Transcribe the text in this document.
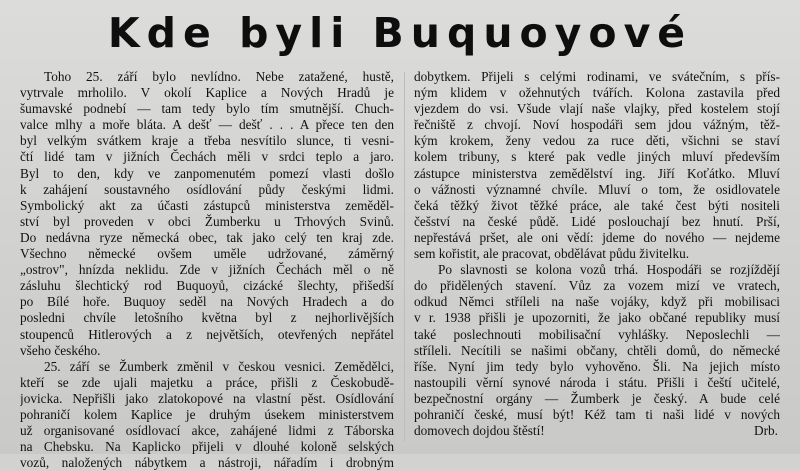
Kde byli Buquoyové
Toho 25. září bylo nevlídno. Nebe zatažené, hustě,
vytrvale mrholilo. V okolí Kaplice a Nových Hradů je
šumavské podnebí — tam tedy bylo tím smutnější. Chuch-
valce mlhy a moře bláta. A dešť — dešť . . . A přece ten den
byl velkým svátkem kraje a třeba nesvítilo slunce, ti vesni-
čtí lidé tam v jižních Čechách měli v srdci teplo a jaro.
Byl to den, kdy ve zanpomenutém pomezí vlasti došlo
k zahájení soustavného osídlování půdy českými lidmi.
Symbolický akt za účasti zástupců ministerstva zeměděl-
ství byl proveden v obci Žumberku u Trhových Svinů.
Do nedávna ryze německá obec, tak jako celý ten kraj zde.
Všechno německé ovšem uměle udržované, záměrný
„ostrov", hnízda neklidu. Zde v jižních Čechách měl o ně
zásluhu šlechtický rod Buquoyů, cizácké šlechty, přišedší
po Bílé hoře. Buquoy seděl na Nových Hradech a do
posledni chvíle letošního května byl z nejhorlivějších
stoupenců Hitlerových a z největších, otevřených nepřátel
všeho českého.
25. září se Žumberk změnil v českou vesnici. Zemědělci,
kteří se zde ujali majetku a práce, přišli z Českobudě-
jovicka. Nepřišli jako zlatokopové na vlastní pěst. Osídlování
pohraničí kolem Kaplice je druhým úsekem ministerstvem
už organisované osídlovací akce, zahájené lidmi z Táborska
na Chebsku. Na Kaplicko přijeli v dlouhé koloně selských
vozů, naložených nábytkem a nástroji, nářadím i drobným
dobytkem. Přijeli s celými rodinami, ve svátečním, s přís-
ným klidem v ožehnutých tvářích. Kolona zastavila před
vjezdem do vsi. Všude vlají naše vlajky, před kostelem stojí
řečniště z chvojí. Noví hospodáři sem jdou vážným, těž-
kým krokem, ženy vedou za ruce děti, všichni se staví
kolem tribuny, s které pak vedle jiných mluví především
zástupce ministerstva zemědělství ing. Jiří Koťátko. Mluví
o vážnosti významné chvíle. Mluví o tom, že osidlovatele
čeká těžký život těžké práce, ale také čest býti nositeli
češství na české půdě. Lidé poslouchají bez hnutí. Prší,
nepřestává pršet, ale oni vědí: jdeme do nového — nejdeme
sem kořistit, ale pracovat, obdělávat půdu živitelku.
Po slavnosti se kolona vozů trhá. Hospodáři se rozjíždějí
do přidělených stavení. Vůz za vozem mizí ve vratech,
odkud Němci stříleli na naše vojáky, když při mobilisaci
v r. 1938 přišli je upozorniti, že jako občané republiky musí
také poslechnouti mobilisační vyhlášky. Neposlechli —
stříleli. Necítili se našimi občany, chtěli domů, do německé
říše. Nyní jim tedy bylo vyhověno. Šli. Na jejich místo
nastoupili věrní synové národa i státu. Přišli i čeští učitelé,
bezpečnostní orgány — Žumberk je český. A bude celé
pohraničí české, musí být! Kéž tam ti naši lidé v nových
domovech dojdou štěstí!	Drb.
